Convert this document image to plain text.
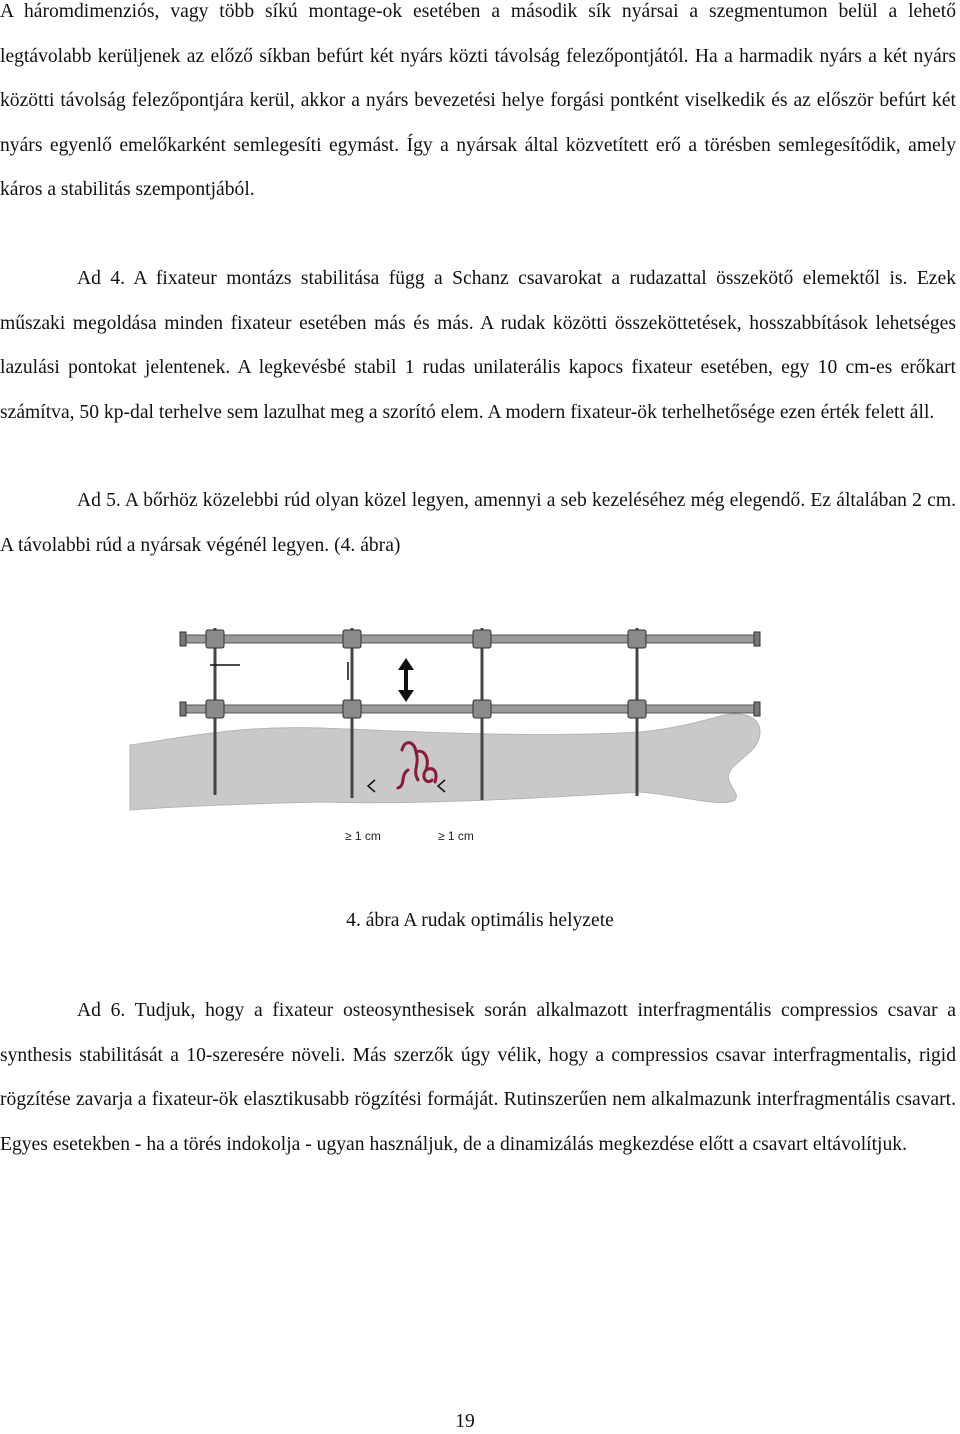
A háromdimenziós, vagy több síkú montage-ok esetében a második sík nyársai a szegmentumon belül a lehető legtávolabb kerüljenek az előző síkban befúrt két nyárs közti távolság felezőpontjától. Ha a harmadik nyárs a két nyárs közötti távolság felezőpontjára kerül, akkor a nyárs bevezetési helye forgási pontként viselkedik és az először befúrt két nyárs egyenlő emelőkarként semlegesíti egymást. Így a nyársak által közvetített erő a törésben semlegesítődik, amely káros a stabilitás szempontjából.

Ad 4. A fixateur montázs stabilitása függ a Schanz csavarokat a rudazattal összekötő elemektől is. Ezek műszaki megoldása minden fixateur esetében más és más. A rudak közötti összeköttetések, hosszabbítások lehetséges lazulási pontokat jelentenek. A legkevésbé stabil 1 rudas unilaterális kapocs fixateur esetében, egy 10 cm-es erőkart számítva, 50 kp-dal terhelve sem lazulhat meg a szorító elem. A modern fixateur-ök terhelhetősége ezen érték felett áll.

Ad 5. A bőrhöz közelebbi rúd olyan közel legyen, amennyi a seb kezeléséhez még elegendő. Ez általában 2 cm. A távolabbi rúd a nyársak végénél legyen. (4. ábra)

≥ 1 cm	≥ 1 cm

4. ábra A rudak optimális helyzete

Ad 6. Tudjuk, hogy a fixateur osteosynthesisek során alkalmazott interfragmentális compressios csavar a synthesis stabilitását a 10-szeresére növeli. Más szerzők úgy vélik, hogy a compressios csavar interfragmentalis, rigid rögzítése zavarja a fixateur-ök elasztikusabb rögzítési formáját. Rutinszerűen nem alkalmazunk interfragmentális csavart. Egyes esetekben - ha a törés indokolja - ugyan használjuk, de a dinamizálás megkezdése előtt a csavart eltávolítjuk.

19
